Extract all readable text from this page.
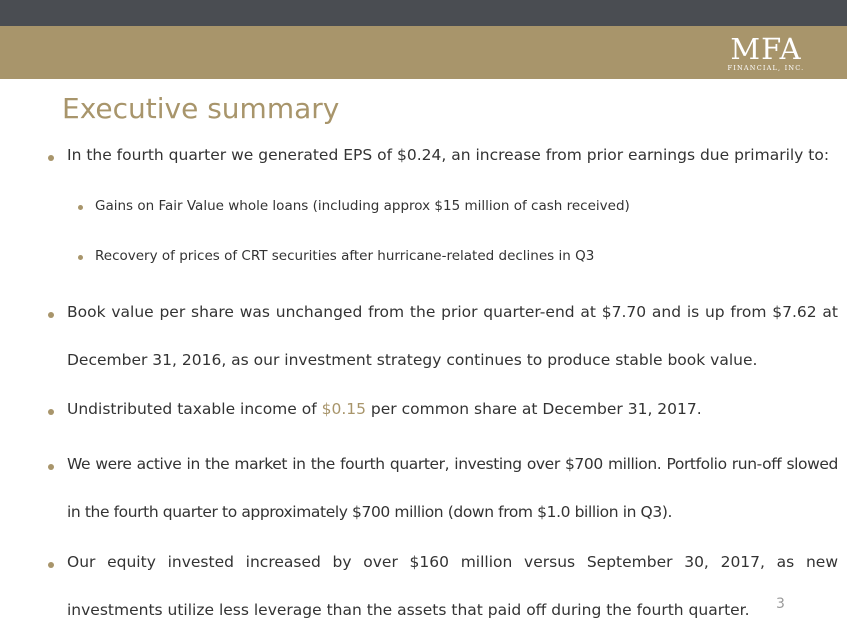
MFA
FINANCIAL, INC.
Executive summary
In the fourth quarter we generated EPS of $0.24, an increase from prior earnings due primarily to:
Gains on Fair Value whole loans (including approx $15 million of cash received)
Recovery of prices of CRT securities after hurricane-related declines in Q3
Book value per share was unchanged from the prior quarter-end at $7.70 and is up from $7.62 at December 31, 2016, as our investment strategy continues to produce stable book value.
Undistributed taxable income of $0.15 per common share at December 31, 2017.
We were active in the market in the fourth quarter, investing over $700 million. Portfolio run-off slowed in the fourth quarter to approximately $700 million (down from $1.0 billion in Q3).
Our equity invested increased by over $160 million versus September 30, 2017, as new investments utilize less leverage than the assets that paid off during the fourth quarter.	3
